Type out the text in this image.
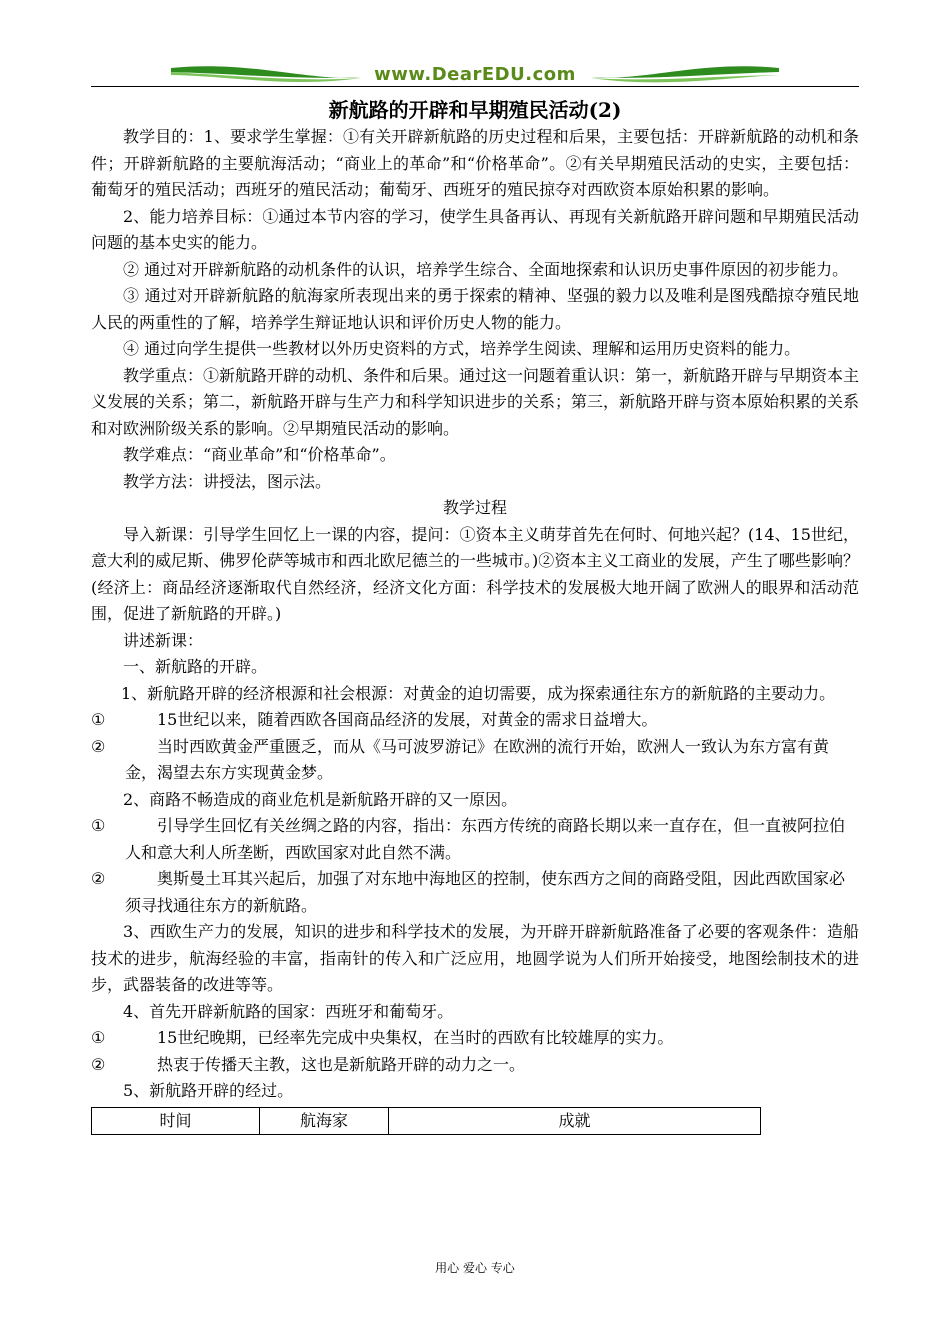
www.DearEDU.com
新航路的开辟和早期殖民活动(2)

教学目的：1、要求学生掌握：①有关开辟新航路的历史过程和后果，主要包括：开辟新航路的动机和条件；开辟新航路的主要航海活动；“商业上的革命”和“价格革命”。②有关早期殖民活动的史实，主要包括：葡萄牙的殖民活动；西班牙的殖民活动；葡萄牙、西班牙的殖民掠夺对西欧资本原始积累的影响。

2、能力培养目标：①通过本节内容的学习，使学生具备再认、再现有关新航路开辟问题和早期殖民活动问题的基本史实的能力。

② 通过对开辟新航路的动机条件的认识，培养学生综合、全面地探索和认识历史事件原因的初步能力。

③ 通过对开辟新航路的航海家所表现出来的勇于探索的精神、坚强的毅力以及唯利是图残酷掠夺殖民地人民的两重性的了解，培养学生辩证地认识和评价历史人物的能力。

④ 通过向学生提供一些教材以外历史资料的方式，培养学生阅读、理解和运用历史资料的能力。

教学重点：①新航路开辟的动机、条件和后果。通过这一问题着重认识：第一，新航路开辟与早期资本主义发展的关系；第二，新航路开辟与生产力和科学知识进步的关系；第三，新航路开辟与资本原始积累的关系和对欧洲阶级关系的影响。②早期殖民活动的影响。

教学难点：“商业革命”和“价格革命”。

教学方法：讲授法，图示法。

教学过程

导入新课：引导学生回忆上一课的内容，提问：①资本主义萌芽首先在何时、何地兴起？(14、15世纪，意大利的威尼斯、佛罗伦萨等城市和西北欧尼德兰的一些城市。)②资本主义工商业的发展，产生了哪些影响？(经济上：商品经济逐渐取代自然经济，经济文化方面：科学技术的发展极大地开阔了欧洲人的眼界和活动范围，促进了新航路的开辟。)

讲述新课：

一、新航路的开辟。

1、新航路开辟的经济根源和社会根源：对黄金的迫切需要，成为探索通往东方的新航路的主要动力。

①	15世纪以来，随着西欧各国商品经济的发展，对黄金的需求日益增大。
②	当时西欧黄金严重匮乏，而从《马可波罗游记》在欧洲的流行开始，欧洲人一致认为东方富有黄金，渴望去东方实现黄金梦。

2、商路不畅造成的商业危机是新航路开辟的又一原因。

①	引导学生回忆有关丝绸之路的内容，指出：东西方传统的商路长期以来一直存在，但一直被阿拉伯人和意大利人所垄断，西欧国家对此自然不满。
②	奥斯曼土耳其兴起后，加强了对东地中海地区的控制，使东西方之间的商路受阻，因此西欧国家必须寻找通往东方的新航路。

3、西欧生产力的发展，知识的进步和科学技术的发展，为开辟开辟新航路准备了必要的客观条件：造船技术的进步，航海经验的丰富，指南针的传入和广泛应用，地圆学说为人们所开始接受，地图绘制技术的进步，武器装备的改进等等。

4、首先开辟新航路的国家：西班牙和葡萄牙。

①	15世纪晚期，已经率先完成中央集权，在当时的西欧有比较雄厚的实力。
②	热衷于传播天主教，这也是新航路开辟的动力之一。

5、新航路开辟的经过。

时间	航海家	成就
用心 爱心 专心
